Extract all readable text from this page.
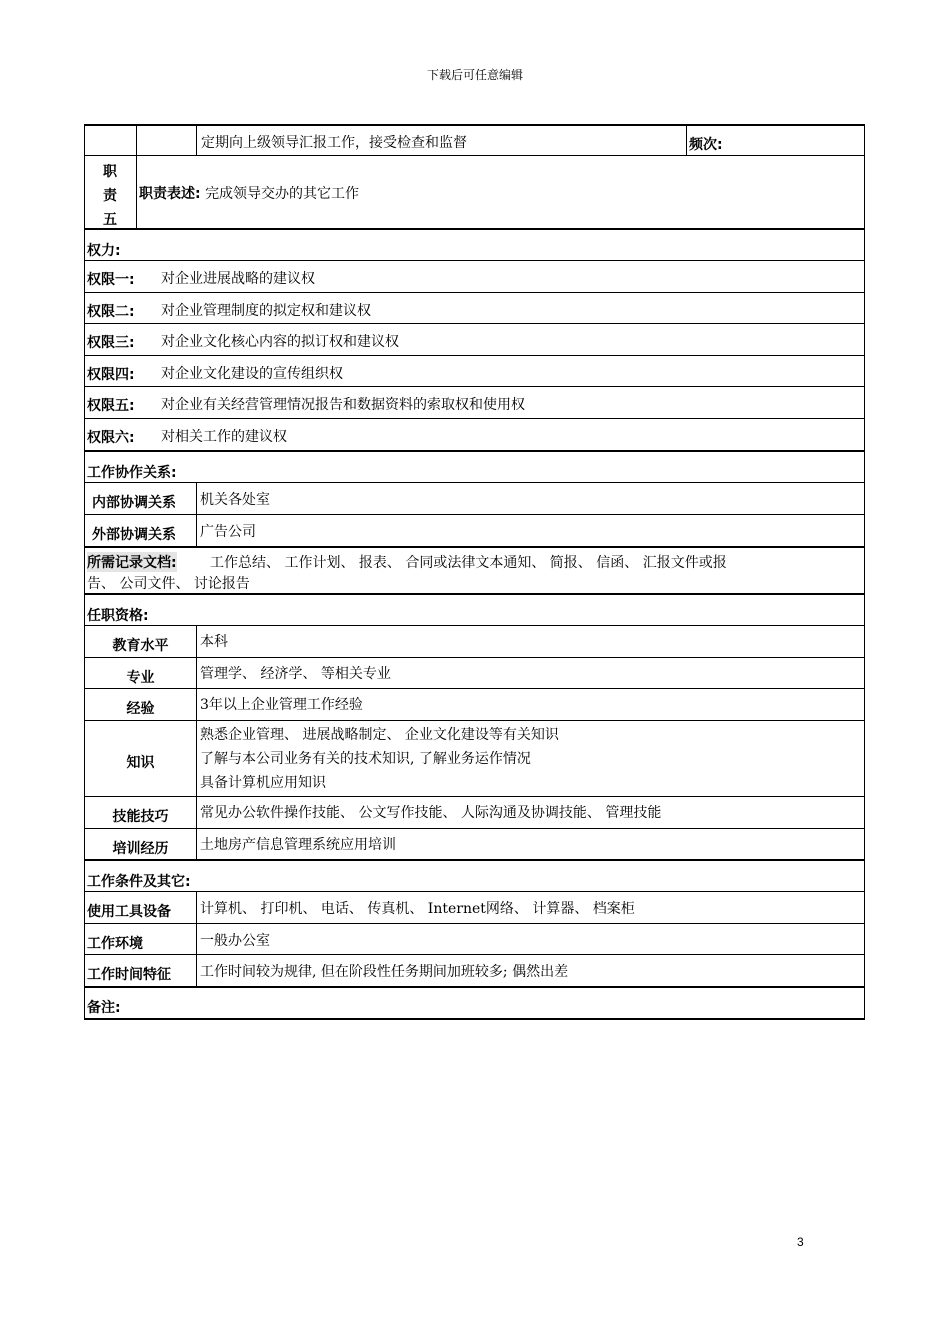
下载后可任意编辑
定期向上级领导汇报工作，接受检查和监督	频次:
职
责
五
职责表述: 完成领导交办的其它工作
权力:
权限一: 对企业进展战略的建议权
权限二: 对企业管理制度的拟定权和建议权
权限三: 对企业文化核心内容的拟订权和建议权
权限四: 对企业文化建设的宣传组织权
权限五: 对企业有关经营管理情况报告和数据资料的索取权和使用权
权限六: 对相关工作的建议权
工作协作关系:
内部协调关系 机关各处室
外部协调关系 广告公司
所需记录文档: 工作总结、 工作计划、 报表、 合同或法律文本通知、 简报、 信函、 汇报文件或报
告、 公司文件、 讨论报告
任职资格:
教育水平	本科
专业	管理学、 经济学、 等相关专业
经验	3年以上企业管理工作经验
知识
熟悉企业管理、 进展战略制定、 企业文化建设等有关知识
了解与本公司业务有关的技术知识, 了解业务运作情况
具备计算机应用知识
技能技巧	常见办公软件操作技能、 公文写作技能、 人际沟通及协调技能、 管理技能
培训经历	土地房产信息管理系统应用培训
工作条件及其它:
使用工具设备 计算机、 打印机、 电话、 传真机、 Internet网络、 计算器、 档案柜
工作环境	一般办公室
工作时间特征 工作时间较为规律, 但在阶段性任务期间加班较多; 偶然出差
备注:
3
